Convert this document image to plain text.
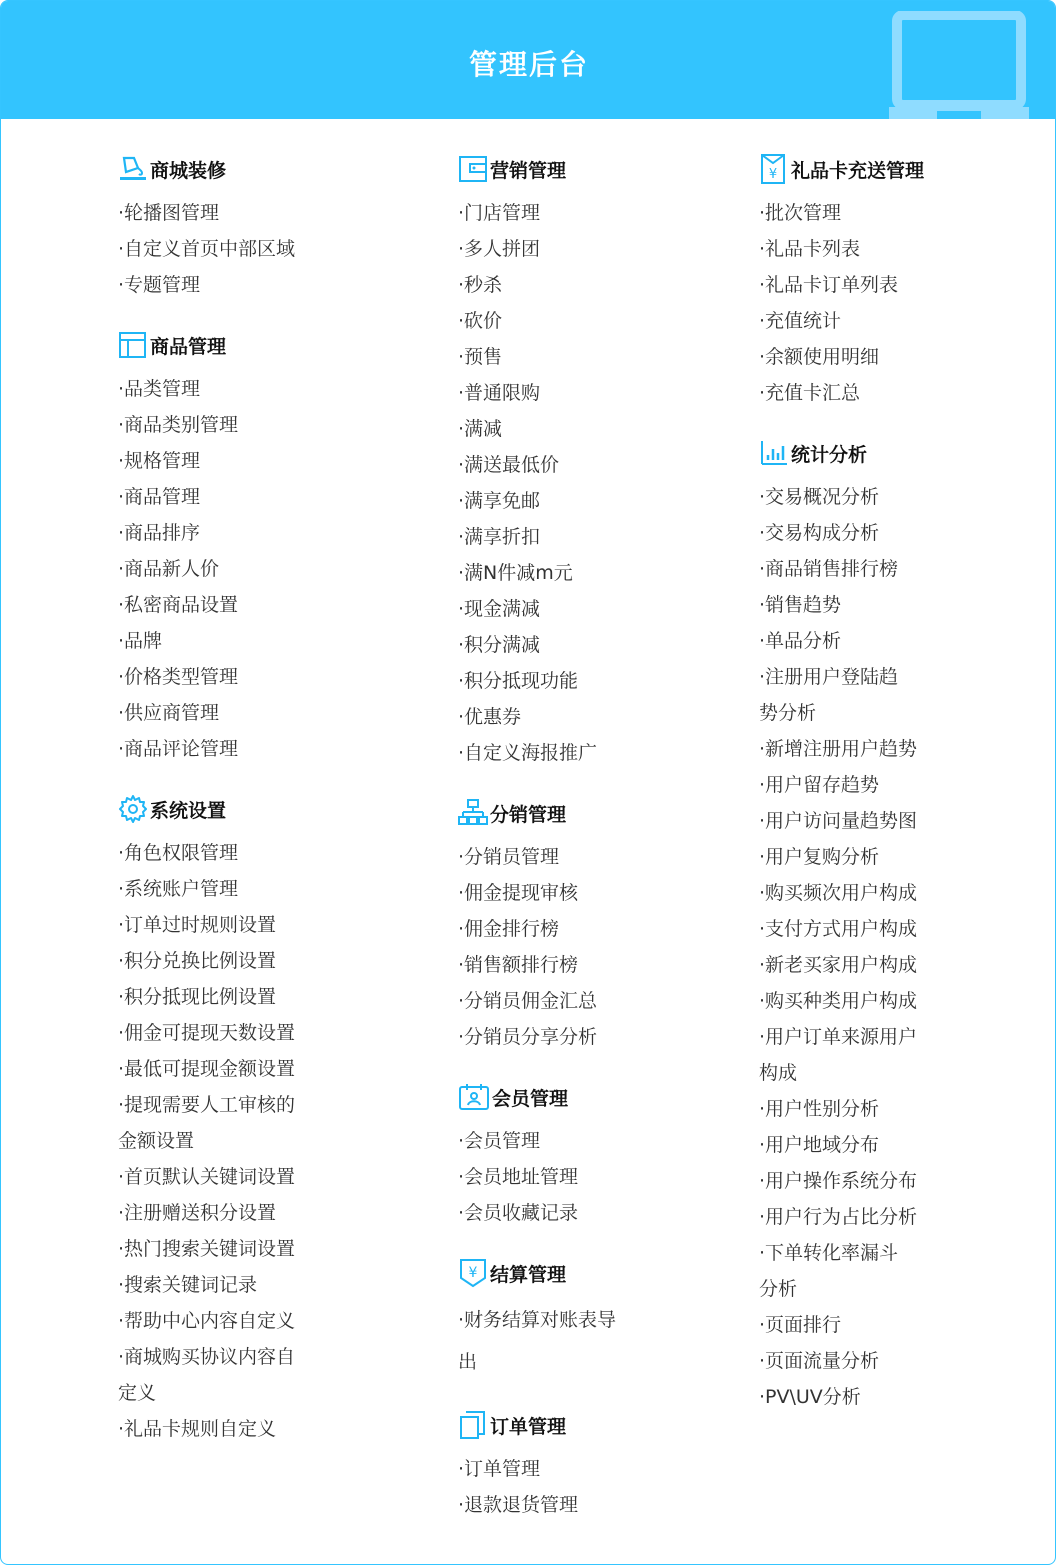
管理后台
商城装修
·轮播图管理
·自定义首页中部区域
·专题管理
商品管理
·品类管理
·商品类别管理
·规格管理
·商品管理
·商品排序
·商品新人价
·私密商品设置
·品牌
·价格类型管理
·供应商管理
·商品评论管理
系统设置
·角色权限管理
·系统账户管理
·订单过时规则设置
·积分兑换比例设置
·积分抵现比例设置
·佣金可提现天数设置
·最低可提现金额设置
·提现需要人工审核的金额设置
·首页默认关键词设置
·注册赠送积分设置
·热门搜索关键词设置
·搜索关键词记录
·帮助中心内容自定义
·商城购买协议内容自定义
·礼品卡规则自定义
营销管理
·门店管理
·多人拼团
·秒杀
·砍价
·预售
·普通限购
·满减
·满送最低价
·满享免邮
·满享折扣
·满N件减m元
·现金满减
·积分满减
·积分抵现功能
·优惠券
·自定义海报推广
分销管理
·分销员管理
·佣金提现审核
·佣金排行榜
·销售额排行榜
·分销员佣金汇总
·分销员分享分析
会员管理
·会员管理
·会员地址管理
·会员收藏记录
¥ 结算管理
·财务结算对账表导出
订单管理
·订单管理
·退款退货管理
¥ 礼品卡充送管理
·批次管理
·礼品卡列表
·礼品卡订单列表
·充值统计
·余额使用明细
·充值卡汇总
统计分析
·交易概况分析
·交易构成分析
·商品销售排行榜
·销售趋势
·单品分析
·注册用户登陆趋势分析
·新增注册用户趋势
·用户留存趋势
·用户访问量趋势图
·用户复购分析
·购买频次用户构成
·支付方式用户构成
·新老买家用户构成
·购买种类用户构成
·用户订单来源用户构成
·用户性别分析
·用户地域分布
·用户操作系统分布
·用户行为占比分析
·下单转化率漏斗分析
·页面排行
·页面流量分析
·PV\UV分析
